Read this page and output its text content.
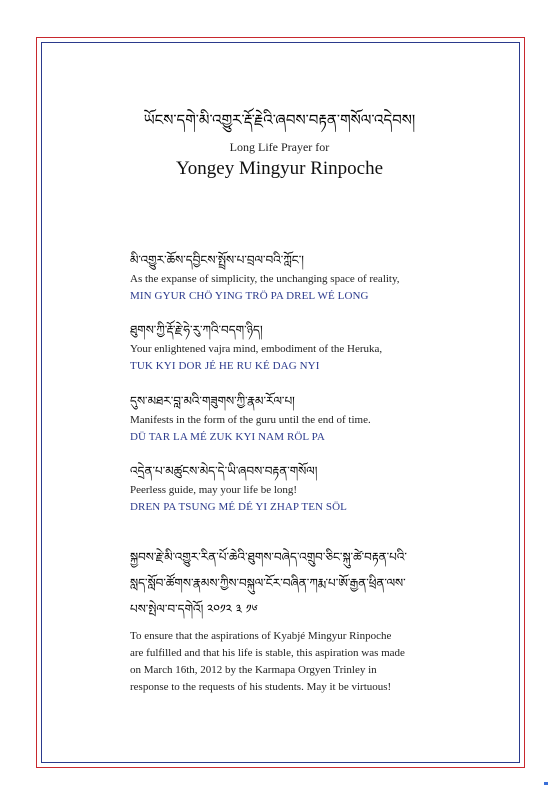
ཡོངས་དགེ་མི་འགྱུར་རྡོ་རྗེའི་ཞབས་བརྟན་གསོལ་འདེབས།
Long Life Prayer for
Yongey Mingyur Rinpoche
མི་འགྱུར་ཆོས་དབྱིངས་སྤྲོས་པ་བྲལ་བའི་ཀློང་།
As the expanse of simplicity, the unchanging space of reality,
MIN GYUR CHÖ YING TRÖ PA DREL WÉ LONG
ཐུགས་ཀྱི་རྡོ་རྗེ་ཧེ་རུ་ཀའི་བདག་ཉིད།
Your enlightened vajra mind, embodiment of the Heruka,
TUK KYI DOR JÉ HE RU KÉ DAG NYI
དུས་མཐར་བླ་མའི་གཟུགས་ཀྱི་རྣམ་རོལ་པ།
Manifests in the form of the guru until the end of time.
DÜ TAR LA MÉ ZUK KYI NAM RÖL PA
འདྲེན་པ་མཚུངས་མེད་དེ་ཡི་ཞབས་བརྟན་གསོལ།
Peerless guide, may your life be long!
DREN PA TSUNG MÉ DÉ YI ZHAP TEN SÖL
སྐྱབས་རྗེ་མི་འགྱུར་རིན་པོ་ཆེའི་ཐུགས་བཞེད་འགྲུབ་ཅིང་སྐུ་ཚེ་བརྟན་པའི་
སླད་སློབ་ཚོགས་རྣམས་ཀྱིས་བསྐུལ་ངོར་བཞིན་ཀརྨ་པ་ཨོ་རྒྱན་ཕྲིན་ལས་
པས་སྤེལ་བ་དགེའོ། ༢༠༡༢ ༣ ༡༦
To ensure that the aspirations of Kyabjé Mingyur Rinpoche
are fulfilled and that his life is stable, this aspiration was made
on March 16th, 2012 by the Karmapa Orgyen Trinley in
response to the requests of his students. May it be virtuous!
